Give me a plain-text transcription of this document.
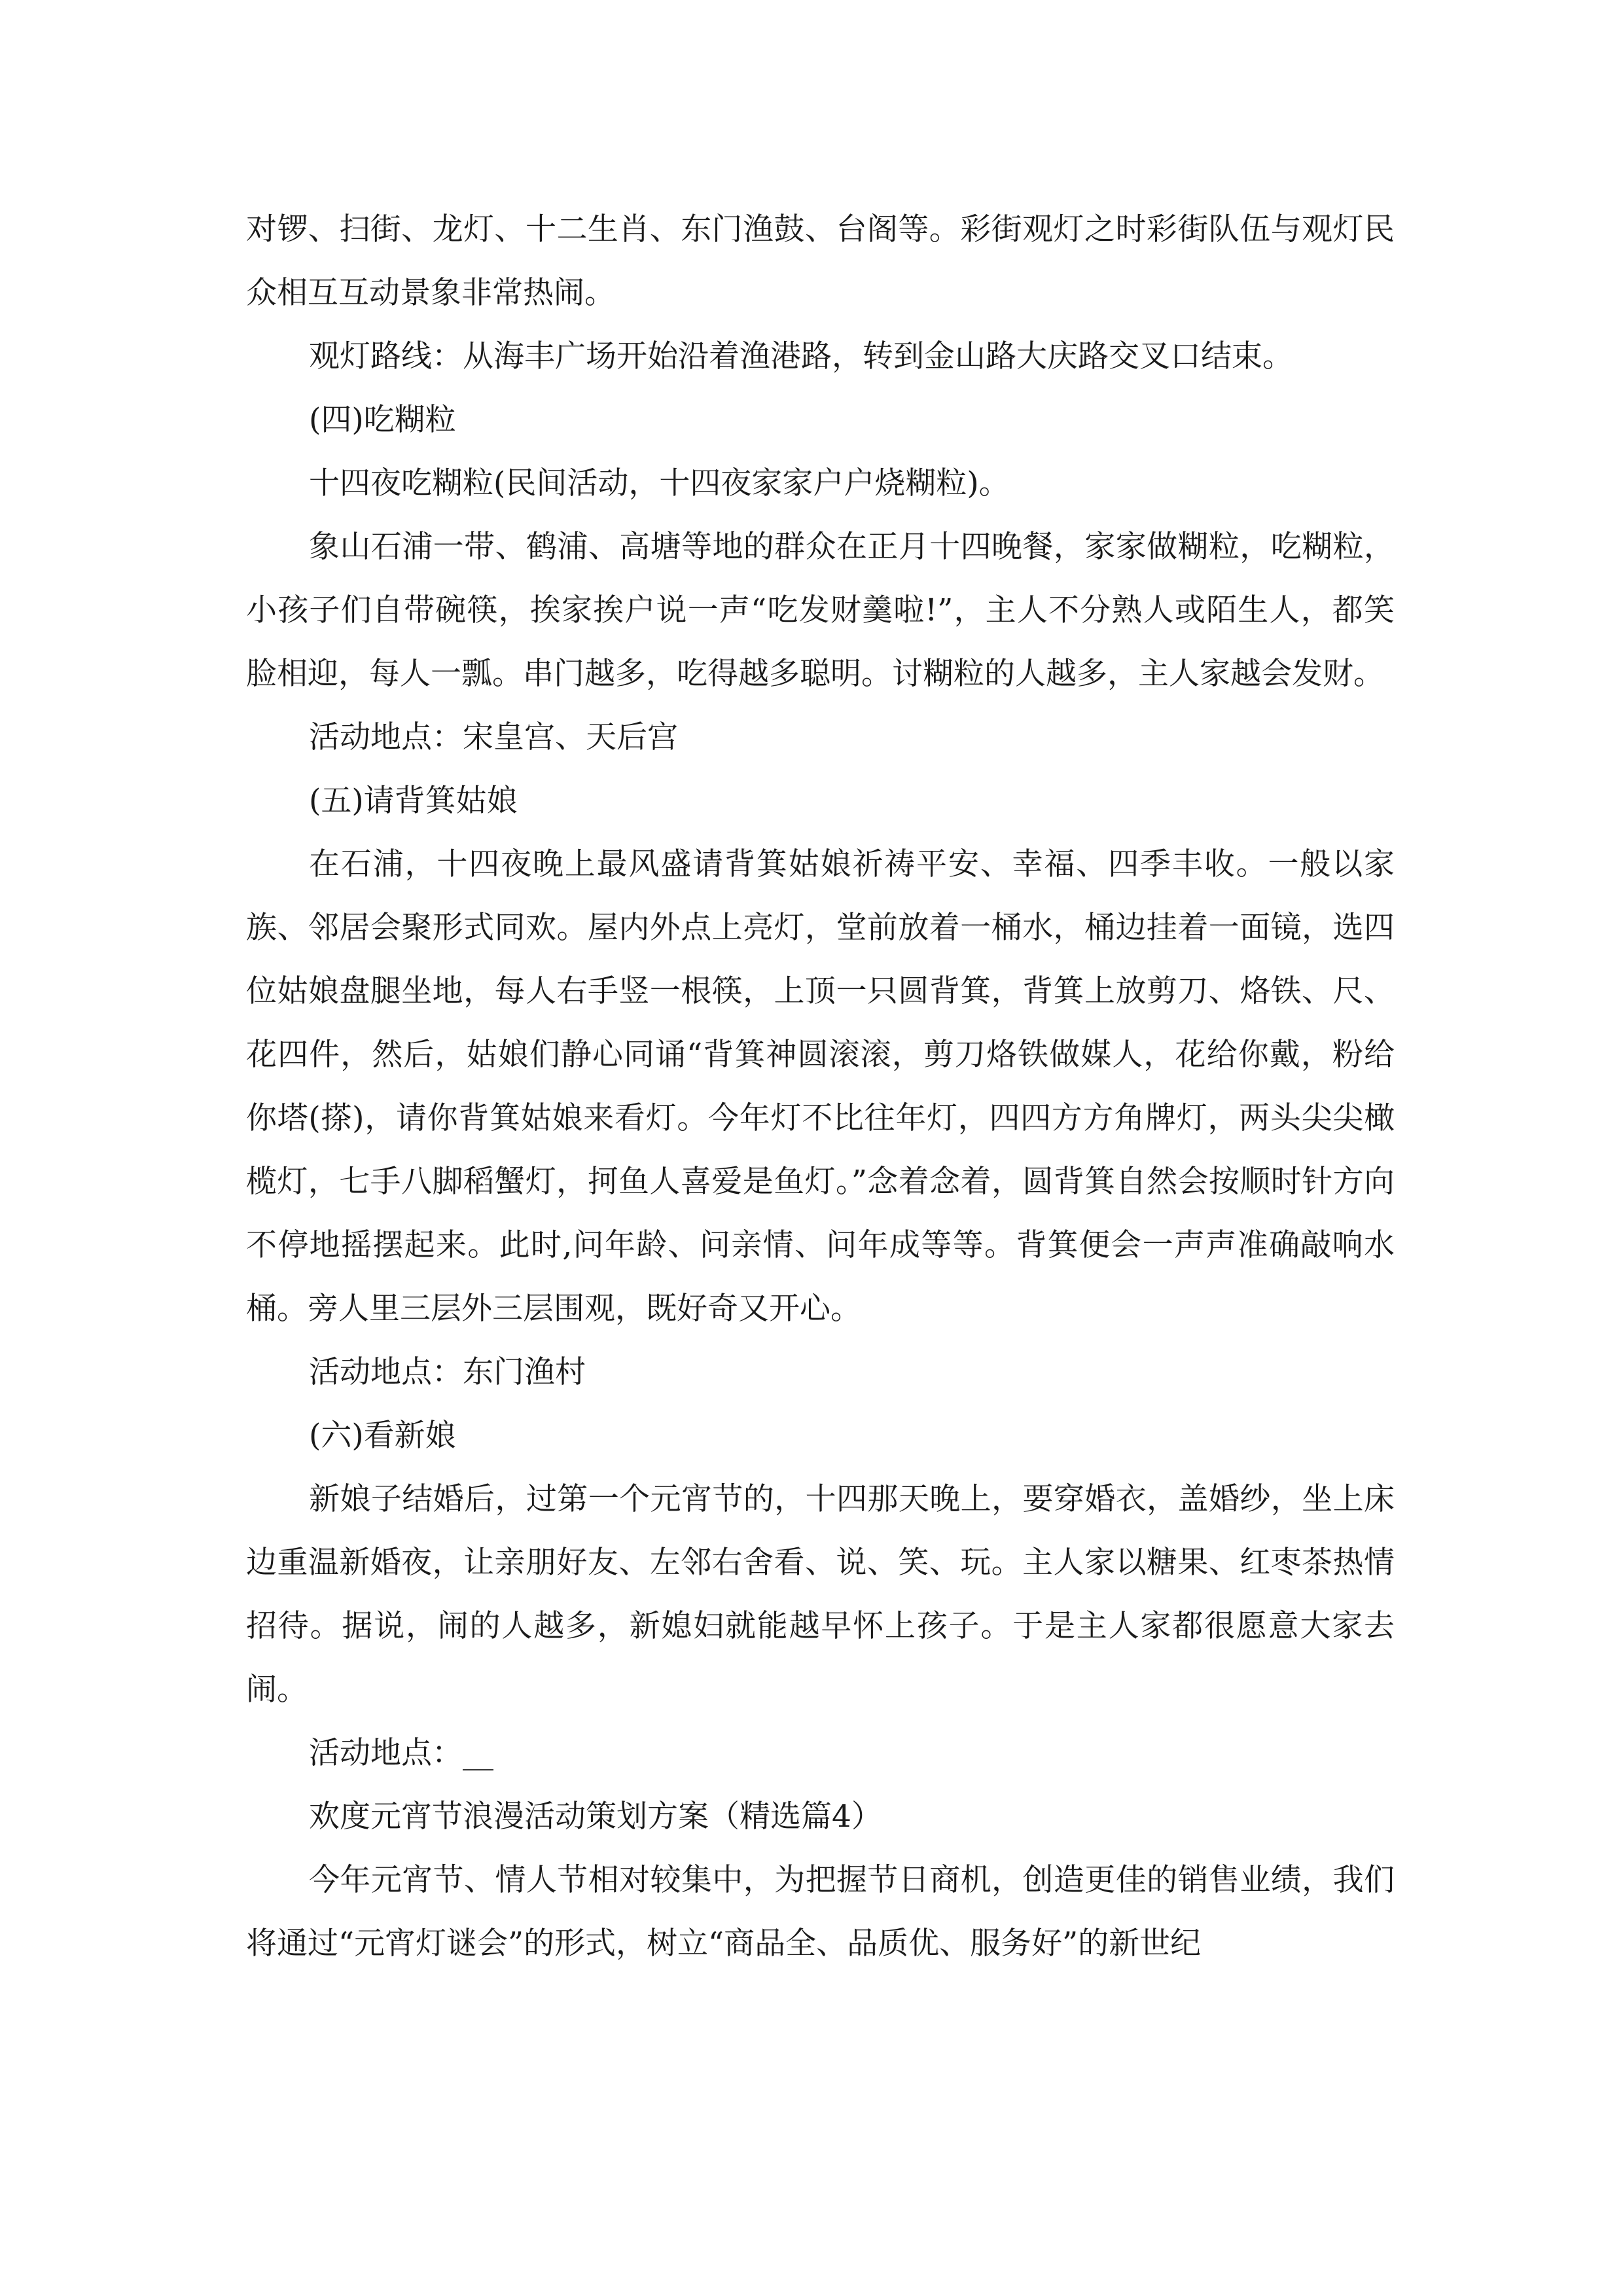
对锣、扫街、龙灯、十二生肖、东门渔鼓、台阁等。彩街观灯之时彩街队伍与观灯民众相互互动景象非常热闹。

观灯路线：从海丰广场开始沿着渔港路，转到金山路大庆路交叉口结束。

(四)吃糊粒

十四夜吃糊粒(民间活动，十四夜家家户户烧糊粒)。

象山石浦一带、鹤浦、高塘等地的群众在正月十四晚餐，家家做糊粒，吃糊粒，小孩子们自带碗筷，挨家挨户说一声“吃发财羹啦!”，主人不分熟人或陌生人，都笑脸相迎，每人一瓢。串门越多，吃得越多聪明。讨糊粒的人越多，主人家越会发财。

活动地点：宋皇宫、天后宫

(五)请背箕姑娘

在石浦，十四夜晚上最风盛请背箕姑娘祈祷平安、幸福、四季丰收。一般以家族、邻居会聚形式同欢。屋内外点上亮灯，堂前放着一桶水，桶边挂着一面镜，选四位姑娘盘腿坐地，每人右手竖一根筷，上顶一只圆背箕，背箕上放剪刀、烙铁、尺、花四件，然后，姑娘们静心同诵“背箕神圆滚滚，剪刀烙铁做媒人，花给你戴，粉给你塔(搽)，请你背箕姑娘来看灯。今年灯不比往年灯，四四方方角牌灯，两头尖尖橄榄灯，七手八脚稻蟹灯，抲鱼人喜爱是鱼灯。”念着念着，圆背箕自然会按顺时针方向不停地摇摆起来。此时,问年龄、问亲情、问年成等等。背箕便会一声声准确敲响水桶。旁人里三层外三层围观，既好奇又开心。

活动地点：东门渔村

(六)看新娘

新娘子结婚后，过第一个元宵节的，十四那天晚上，要穿婚衣，盖婚纱，坐上床边重温新婚夜，让亲朋好友、左邻右舍看、说、笑、玩。主人家以糖果、红枣茶热情招待。据说，闹的人越多，新媳妇就能越早怀上孩子。于是主人家都很愿意大家去闹。

活动地点：__

欢度元宵节浪漫活动策划方案（精选篇4）

今年元宵节、情人节相对较集中，为把握节日商机，创造更佳的销售业绩，我们将通过“元宵灯谜会”的形式，树立“商品全、品质优、服务好”的新世纪
